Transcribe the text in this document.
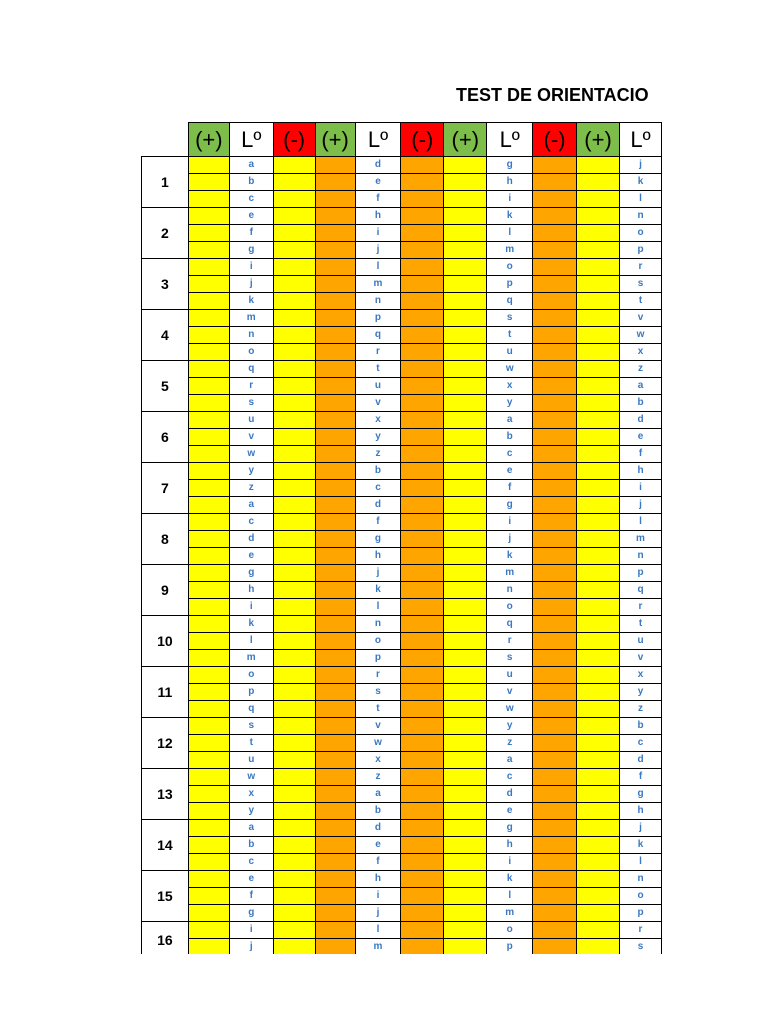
TEST DE ORIENTACIO
	(+)	Lº	(-)	(+)	Lº	(-)	(+)	Lº	(-)	(+)	Lº
1		a			d			g			j
		b			e			h			k
		c			f			i			l
2		e			h			k			n
		f			i			l			o
		g			j			m			p
3		i			l			o			r
		j			m			p			s
		k			n			q			t
4		m			p			s			v
		n			q			t			w
		o			r			u			x
5		q			t			w			z
		r			u			x			a
		s			v			y			b
6		u			x			a			d
		v			y			b			e
		w			z			c			f
7		y			b			e			h
		z			c			f			i
		a			d			g			j
8		c			f			i			l
		d			g			j			m
		e			h			k			n
9		g			j			m			p
		h			k			n			q
		i			l			o			r
10		k			n			q			t
		l			o			r			u
		m			p			s			v
11		o			r			u			x
		p			s			v			y
		q			t			w			z
12		s			v			y			b
		t			w			z			c
		u			x			a			d
13		w			z			c			f
		x			a			d			g
		y			b			e			h
14		a			d			g			j
		b			e			h			k
		c			f			i			l
15		e			h			k			n
		f			i			l			o
		g			j			m			p
16		i			l			o			r
		j			m			p			s
